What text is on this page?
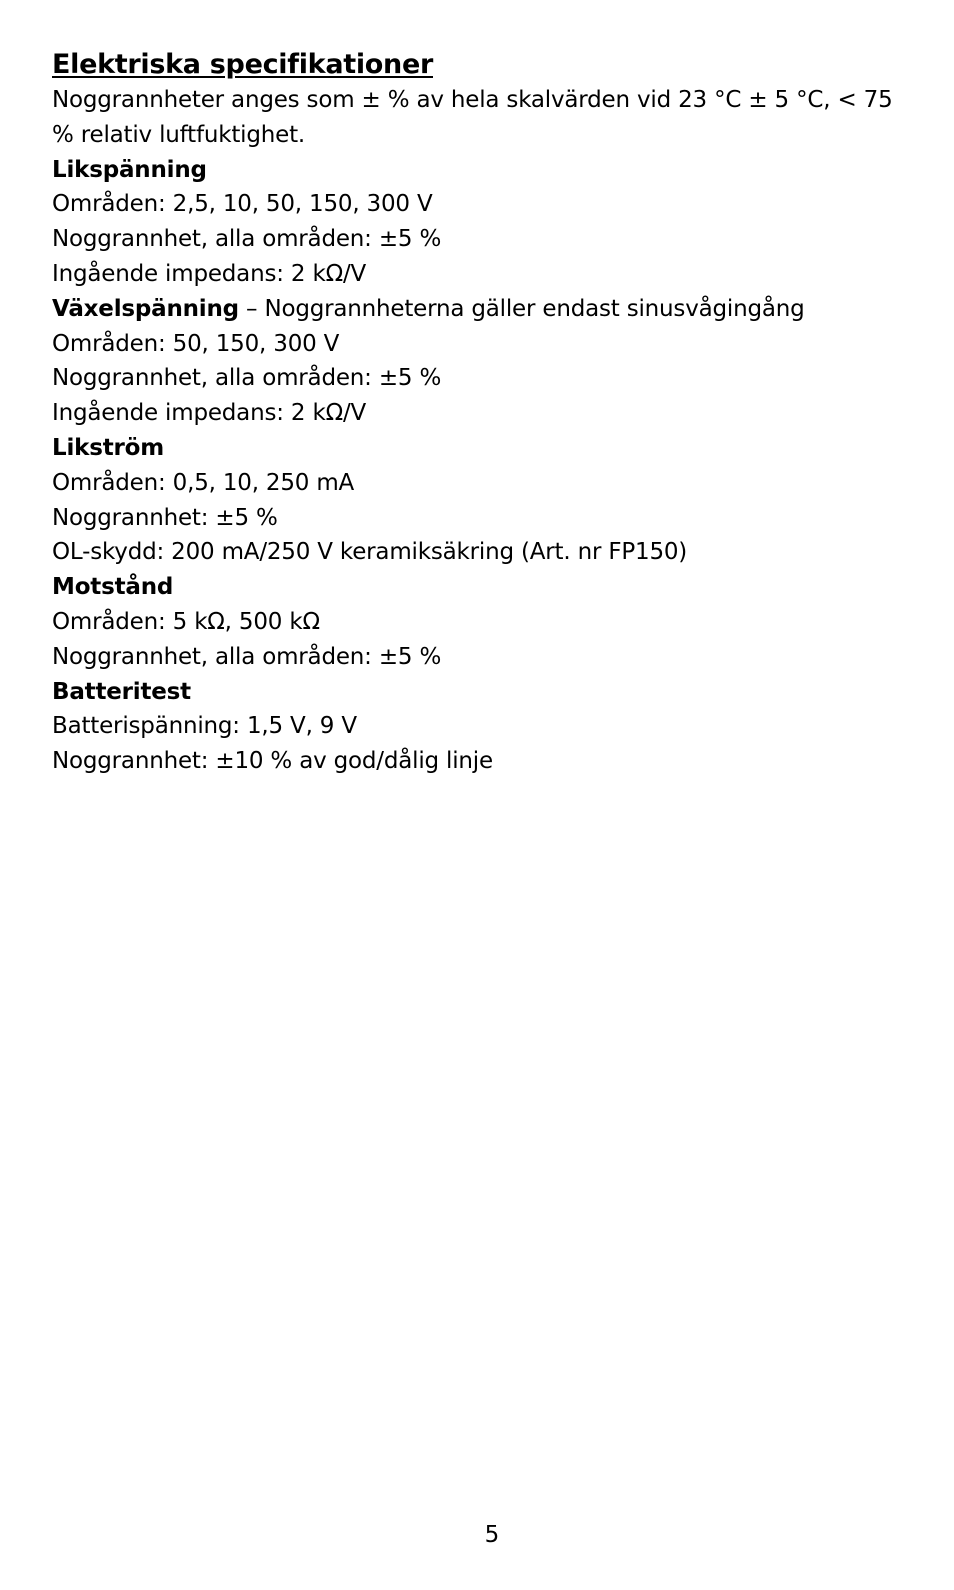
Elektriska specifikationer
Noggrannheter anges som ± % av hela skalvärden vid 23 °C ± 5 °C, < 75 % relativ luftfuktighet.
Likspänning
Områden: 2,5, 10, 50, 150, 300 V
Noggrannhet, alla områden: ±5 %
Ingående impedans: 2 kΩ/V
Växelspänning – Noggrannheterna gäller endast sinusvågingång
Områden: 50, 150, 300 V
Noggrannhet, alla områden: ±5 %
Ingående impedans: 2 kΩ/V
Likström
Områden: 0,5, 10, 250 mA
Noggrannhet: ±5 %
OL-skydd: 200 mA/250 V keramiksäkring (Art. nr FP150)
Motstånd
Områden: 5 kΩ, 500 kΩ
Noggrannhet, alla områden: ±5 %
Batteritest
Batterispänning: 1,5 V, 9 V
Noggrannhet: ±10 % av god/dålig linje
5
